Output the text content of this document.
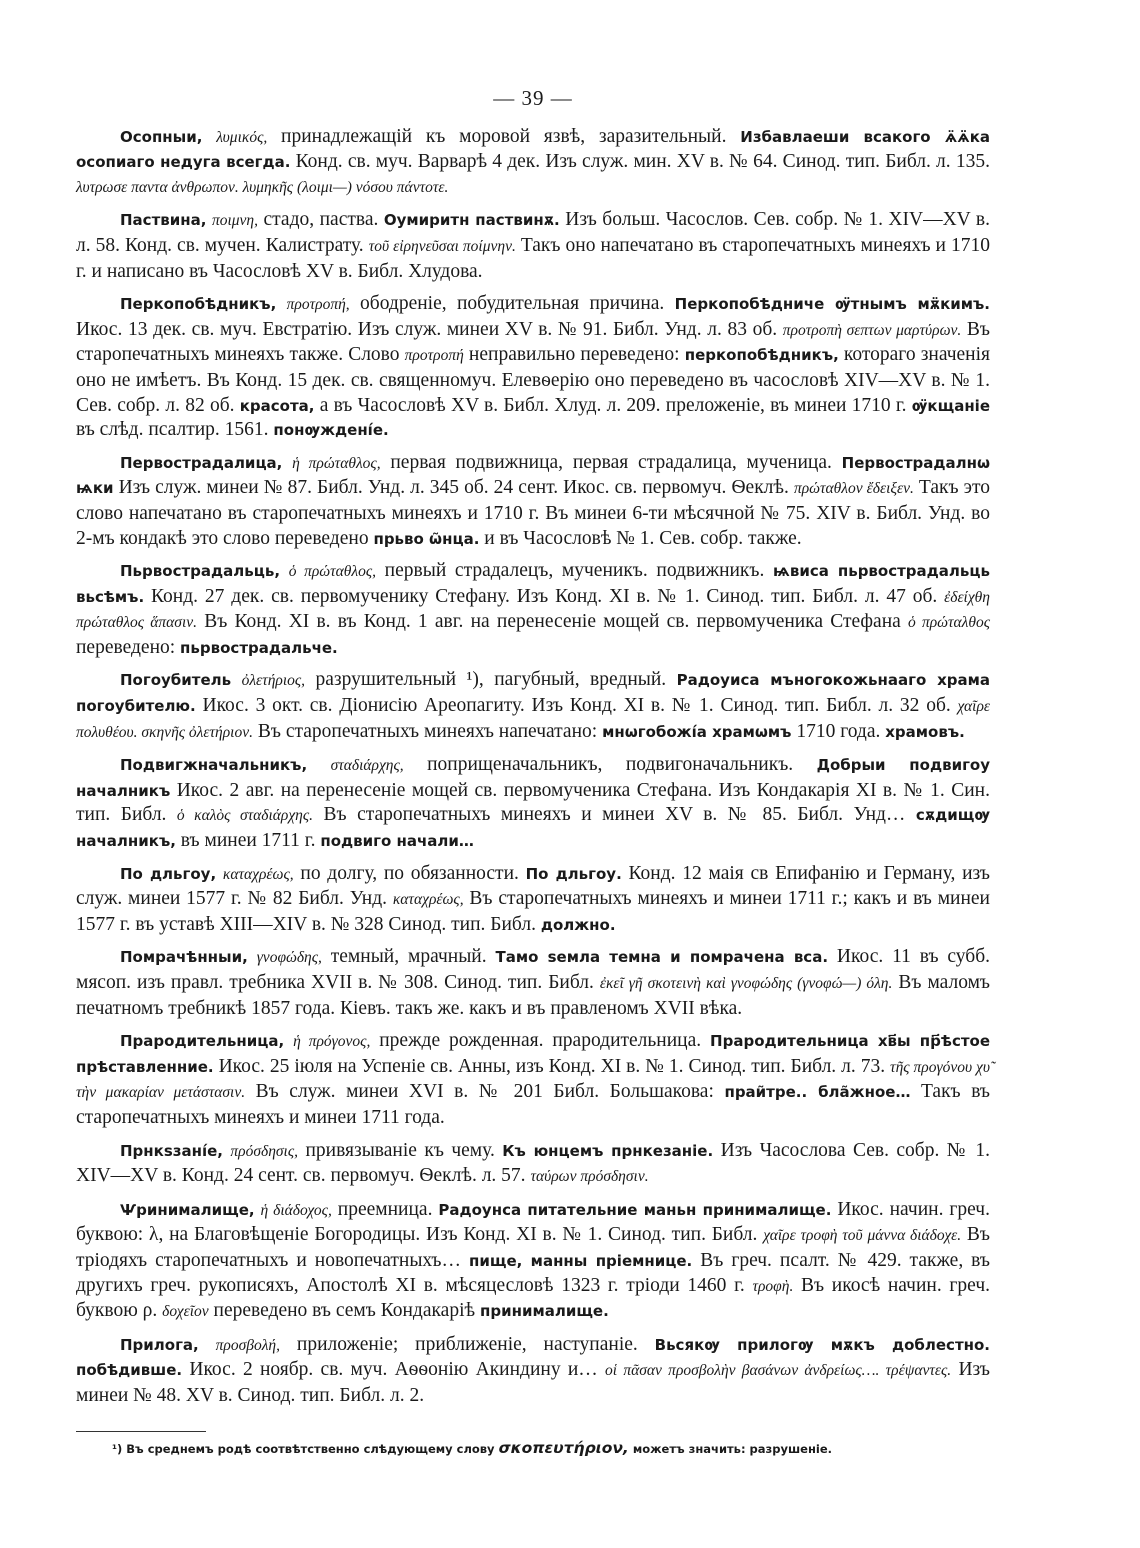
— 39 —

Осопныи, λυμικός, принадлежащій къ моровой язвѣ, заразительный. Избавлаеши всакого ѧ̈ѧ̈ка осопиаго недуга всегда. Конд. св. муч. Варварѣ 4 дек. Изъ служ. мин. XV в. № 64. Синод. тип. Библ. л. 135. λυτρωσε παντα ἀνθρωπον. λυμηκῆς (λοιμι—) νόσου πάντοτε.

Паствина, ποιμνη, стадо, паства. Оумиритн паствинѫ. Изъ больш. Часослов. Сев. собр. № 1. XIV—XV в. л. 58. Конд. св. мучен. Калистрату. τοῦ εἰρηνεῦσαι ποίμνην. Такъ оно напечатано въ старопечатныхъ минеяхъ и 1710 г. и написано въ Часословѣ XV в. Библ. Хлудова.

Перкопобѣдникъ, προτροπή, ободреніе, побудительная причина. Перкопобѣдниче ѹ̈тнымъ мѫ̈кимъ. Икос. 13 дек. св. муч. Евстратію. Изъ служ. минеи XV в. № 91. Библ. Унд. л. 83 об. προτροπὴ σεπτων μαρτύρων. Въ старопечатныхъ минеяхъ также. Слово προτροπή неправильно переведено: перкопобѣдникъ, котораго значенія оно не имѣетъ. Въ Конд. 15 дек. св. священномуч. Елевѳерію оно переведено въ часословѣ XIV—XV в. № 1. Сев. собр. л. 82 об. красота, а въ Часословѣ XV в. Библ. Хлуд. л. 209. преложеніе, въ минеи 1710 г. ѹ̈кщаніе въ слѣд. псалтир. 1561. понѹждені́е.

Первострадалица, ἡ πρώταθλος, первая подвижница, первая страдалица, мученица. Первострадалнѡ ѩки Изъ служ. минеи № 87. Библ. Унд. л. 345 об. 24 сент. Икос. св. первомуч. Ѳеклѣ. πρώταθλον ἔδειξεν. Такъ это слово напечатано въ старопечатныхъ минеяхъ и 1710 г. Въ минеи 6-ти мѣсячной № 75. XIV в. Библ. Унд. во 2-мъ кондакѣ это слово переведено прьво ѡ̃нца. и въ Часословѣ № 1. Сев. собр. также.

Пьрвострадальць, ὁ πρώταθλος, первый страдалецъ, мученикъ. подвижникъ. ѩвиса пьрвострадальць вьсѣмъ. Конд. 27 дек. св. первомученику Стефану. Изъ Конд. XI в. № 1. Синод. тип. Библ. л. 47 об. ἐδείχθη πρώταθλος ἅπασιν. Въ Конд. XI в. въ Конд. 1 авг. на перенесеніе мощей св. первомученика Стефана ὁ πρώταλθος переведено: пьрвострадальче.

Погоубитель ὀλετήριος, разрушительный ¹), пагубный, вредный. Радоуиса мъногокожьнааго храма погоубителю. Икос. 3 окт. св. Діонисію Ареопагиту. Изъ Конд. XI в. № 1. Синод. тип. Библ. л. 32 об. χαῖρε πολυθέου. σκηνῆς ὀλετήριον. Въ старопечатныхъ минеяхъ напечатано: мнѡгобожі́а храмѡмъ 1710 года. храмовъ.

Подвигжначальникъ, σταδιάρχης, поприщеначальникъ, подвигоначальникъ. Добрыи подвигоу началникъ Икос. 2 авг. на перенесеніе мощей св. первомученика Стефана. Изъ Кондакарія XI в. № 1. Син. тип. Библ. ὁ καλὸς σταδιάρχης. Въ старопечатныхъ минеяхъ и минеи XV в. № 85. Библ. Унд… сѫдищѹ началникъ, въ минеи 1711 г. подвиго начали…

По дльгоу, καταχρέως, по долгу, по обязанности. По дльгоу. Конд. 12 маія св Епифанію и Герману, изъ служ. минеи 1577 г. № 82 Библ. Унд. καταχρέως, Въ старопечатныхъ минеяхъ и минеи 1711 г.; какъ и въ минеи 1577 г. въ уставѣ XIII—XIV в. № 328 Синод. тип. Библ. должно.

Помрачѣнныи, γνοφώδης, темный, мрачный. Тамо ѕемла темна и помрачена вса. Икос. 11 въ субб. мясоп. изъ правл. требника XVII в. № 308. Синод. тип. Библ. ἐκεῖ γῆ σκοτεινὴ καὶ γνοφώδης (γνοφώ—) όλη. Въ маломъ печатномъ требникѣ 1857 года. Кіевъ. такъ же. какъ и въ правленомъ XVII вѣка.

Прародительница, ἡ πρόγονος, прежде рожденная. прародительница. Прародительница хв҃ы пр҃ѣстое прѣставленние. Икос. 25 іюля на Успеніе св. Анны, изъ Конд. XI в. № 1. Синод. тип. Библ. л. 73. τῆς προγόνου χυ̃ τὴν μακαρίαν μετάστασιν. Въ служ. минеи XVI в. № 201 Библ. Большакова: праи̃тре.. бла̃жное… Такъ въ старопечатныхъ минеяхъ и минеи 1711 года.

Прнкѕзані́е, πρόσδησις, привязываніе къ чему. Къ юнцемъ прнкезаніе. Изъ Часослова Сев. собр. № 1. XIV—XV в. Конд. 24 сент. св. первомуч. Ѳеклѣ. л. 57. ταύρων πρόσδησιν.

Ѱринималище, ἡ διάδοχος, преемница. Радоунса питательние маньн принималище. Икос. начин. греч. буквою: λ, на Благовѣщеніе Богородицы. Изъ Конд. XI в. № 1. Синод. тип. Библ. χαῖρε τροφὴ τοῦ μάννα διάδοχε. Въ тріодяхъ старопечатныхъ и новопечатныхъ… пище, манны пріемнице. Въ греч. псалт. № 429. также, въ другихъ греч. рукописяхъ, Апостолѣ XI в. мѣсяцесловѣ 1323 г. тріоди 1460 г. τροφὴ. Въ икосѣ начин. греч. буквою ρ. δοχεῖον переведено въ семъ Кондакаріѣ принималище.

Прилога, προσβολή, приложеніе; приближеніе, наступаніе. Вьсякѹ прилогѹ мѫкъ доблестно. побѣдивше. Икос. 2 ноябр. св. муч. Аѳѳонію Акиндину и… οἱ πᾶσαν προσβολὴν βασάνων ἀνδρείως…. τρέψαντες. Изъ минеи № 48. XV в. Синод. тип. Библ. л. 2.

¹) Въ среднемъ родѣ соотвѣтственно слѣдующему слову σκοπευτήριον, можетъ значить: разрушеніе.
